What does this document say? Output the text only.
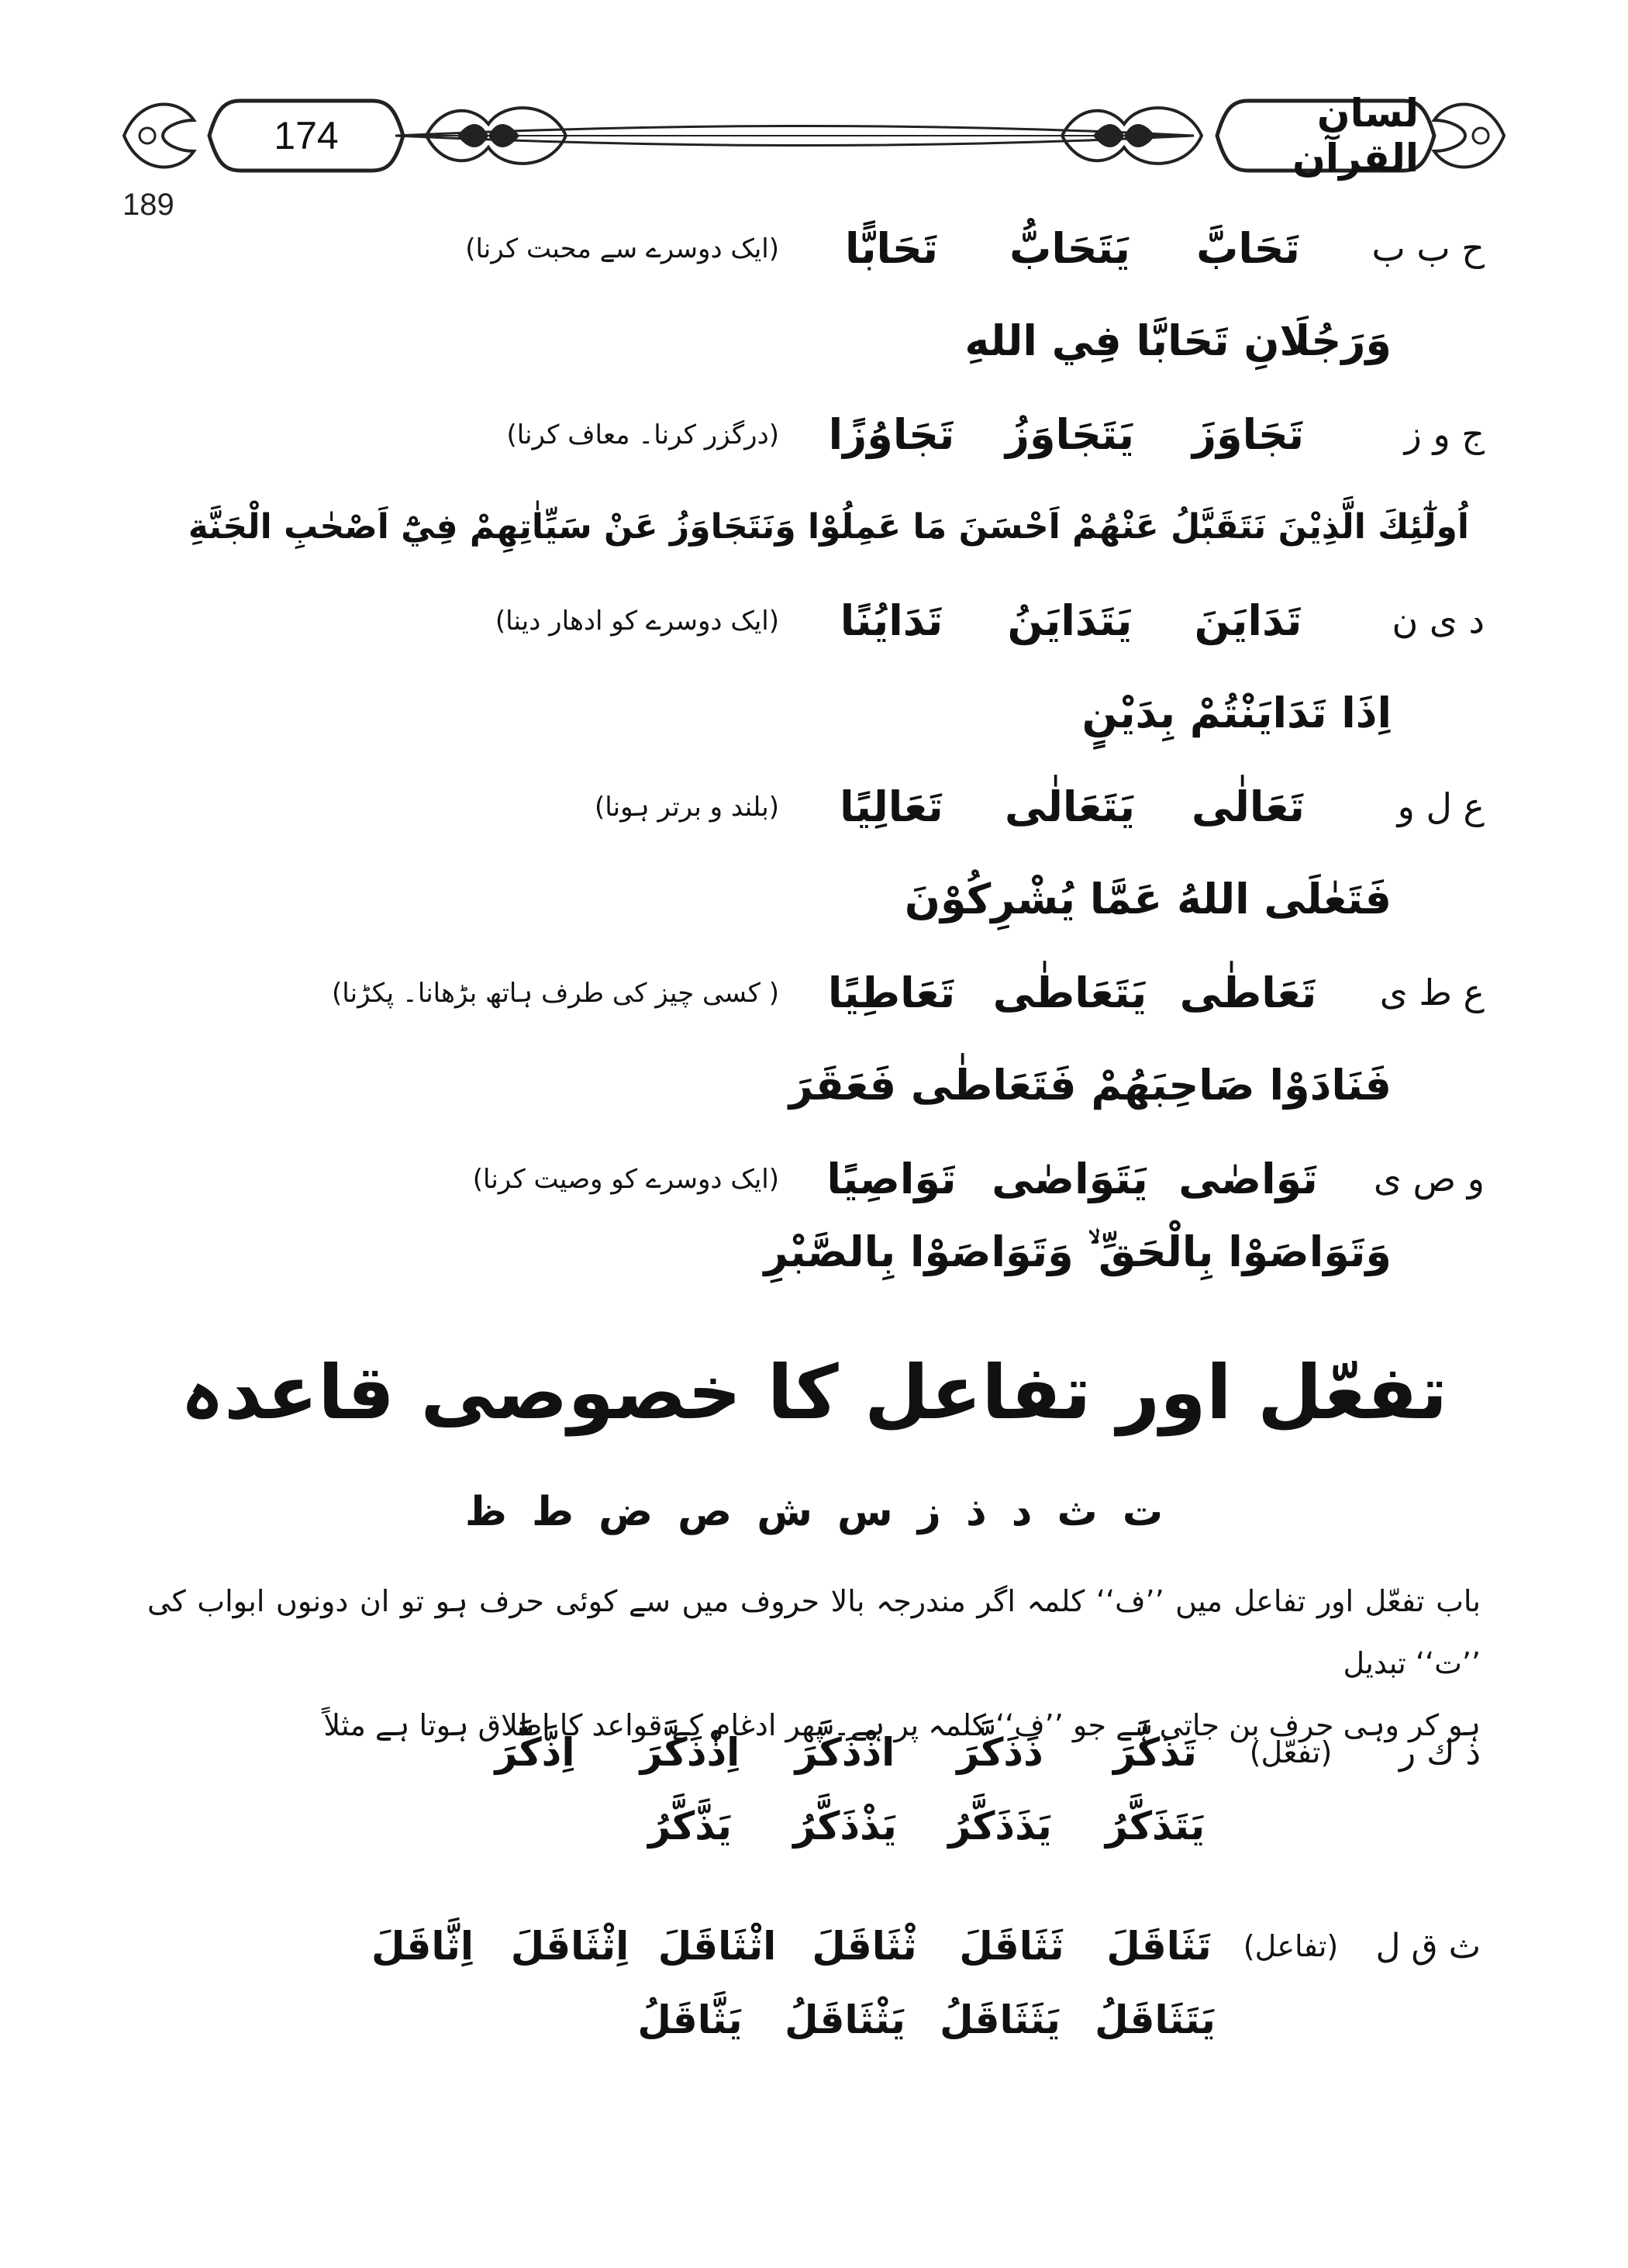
174	لسان القرآن
189
ح ب ب
تَحَابَّ
يَتَحَابُّ
تَحَابًّا
(ایک دوسرے سے محبت کرنا)
وَرَجُلَانِ تَحَابَّا فِي اللهِ
ج و ز
تَجَاوَزَ
يَتَجَاوَزُ
تَجَاوُزًا
(درگزر کرنا۔ معاف کرنا)
اُولٰٓئِكَ الَّذِيْنَ نَتَقَبَّلُ عَنْهُمْ اَحْسَنَ مَا عَمِلُوْا وَنَتَجَاوَزُ عَنْ سَيِّاٰتِهِمْ فِيْٓ اَصْحٰبِ الْجَنَّةِ
د ی ن
تَدَايَنَ
يَتَدَايَنُ
تَدَايُنًا
(ایک دوسرے کو ادھار دینا)
اِذَا تَدَايَنْتُمْ بِدَيْنٍ
ع ل و
تَعَالٰى
يَتَعَالٰى
تَعَالِيًا
(بلند و برتر ہونا)
فَتَعٰلَى اللهُ عَمَّا يُشْرِكُوْنَ
ع ط ی
تَعَاطٰى
يَتَعَاطٰى
تَعَاطِيًا
( کسی چیز کی طرف ہاتھ بڑھانا۔ پکڑنا)
فَنَادَوْا صَاحِبَهُمْ فَتَعَاطٰى فَعَقَرَ
و ص ی
تَوَاصٰى
يَتَوَاصٰى
تَوَاصِيًا
(ایک دوسرے کو وصیت کرنا)
وَتَوَاصَوْا بِالْحَقِّ ۙ وَتَوَاصَوْا بِالصَّبْرِ
تفعّل اور تفاعل کا خصوصی قاعدہ
ت ث د ذ ز س ش ص ض ط ظ

باب تفعّل اور تفاعل میں ’’ف‘‘ کلمہ اگر مندرجہ بالا حروف میں سے کوئی حرف ہو تو ان دونوں ابواب کی ’’ت‘‘ تبدیل

ہو کر وہی حرف بن جاتی ہے جو ’’ف‘‘ کلمہ پر ہے۔ پھر ادغام کے قواعد کا اطلاق ہوتا ہے مثلاً

ذ ك ر
(تفعّل)
تَذَكَّرَ
ذَذَكَّرَ
اذْذَكَّرَ
اِذْذَكَّرَ
اِذَّكَّرَ
يَتَذَكَّرُ
يَذَذَكَّرُ
يَذْذَكَّرُ
يَذَّكَّرُ
ث ق ل
(تفاعل)
تَثَاقَلَ
ثَثَاقَلَ
ثْثَاقَلَ
اثْثَاقَلَ
اِثْثَاقَلَ
اِثَّاقَلَ
يَتَثَاقَلُ
يَثَثَاقَلُ
يَثْثَاقَلُ
يَثَّاقَلُ
